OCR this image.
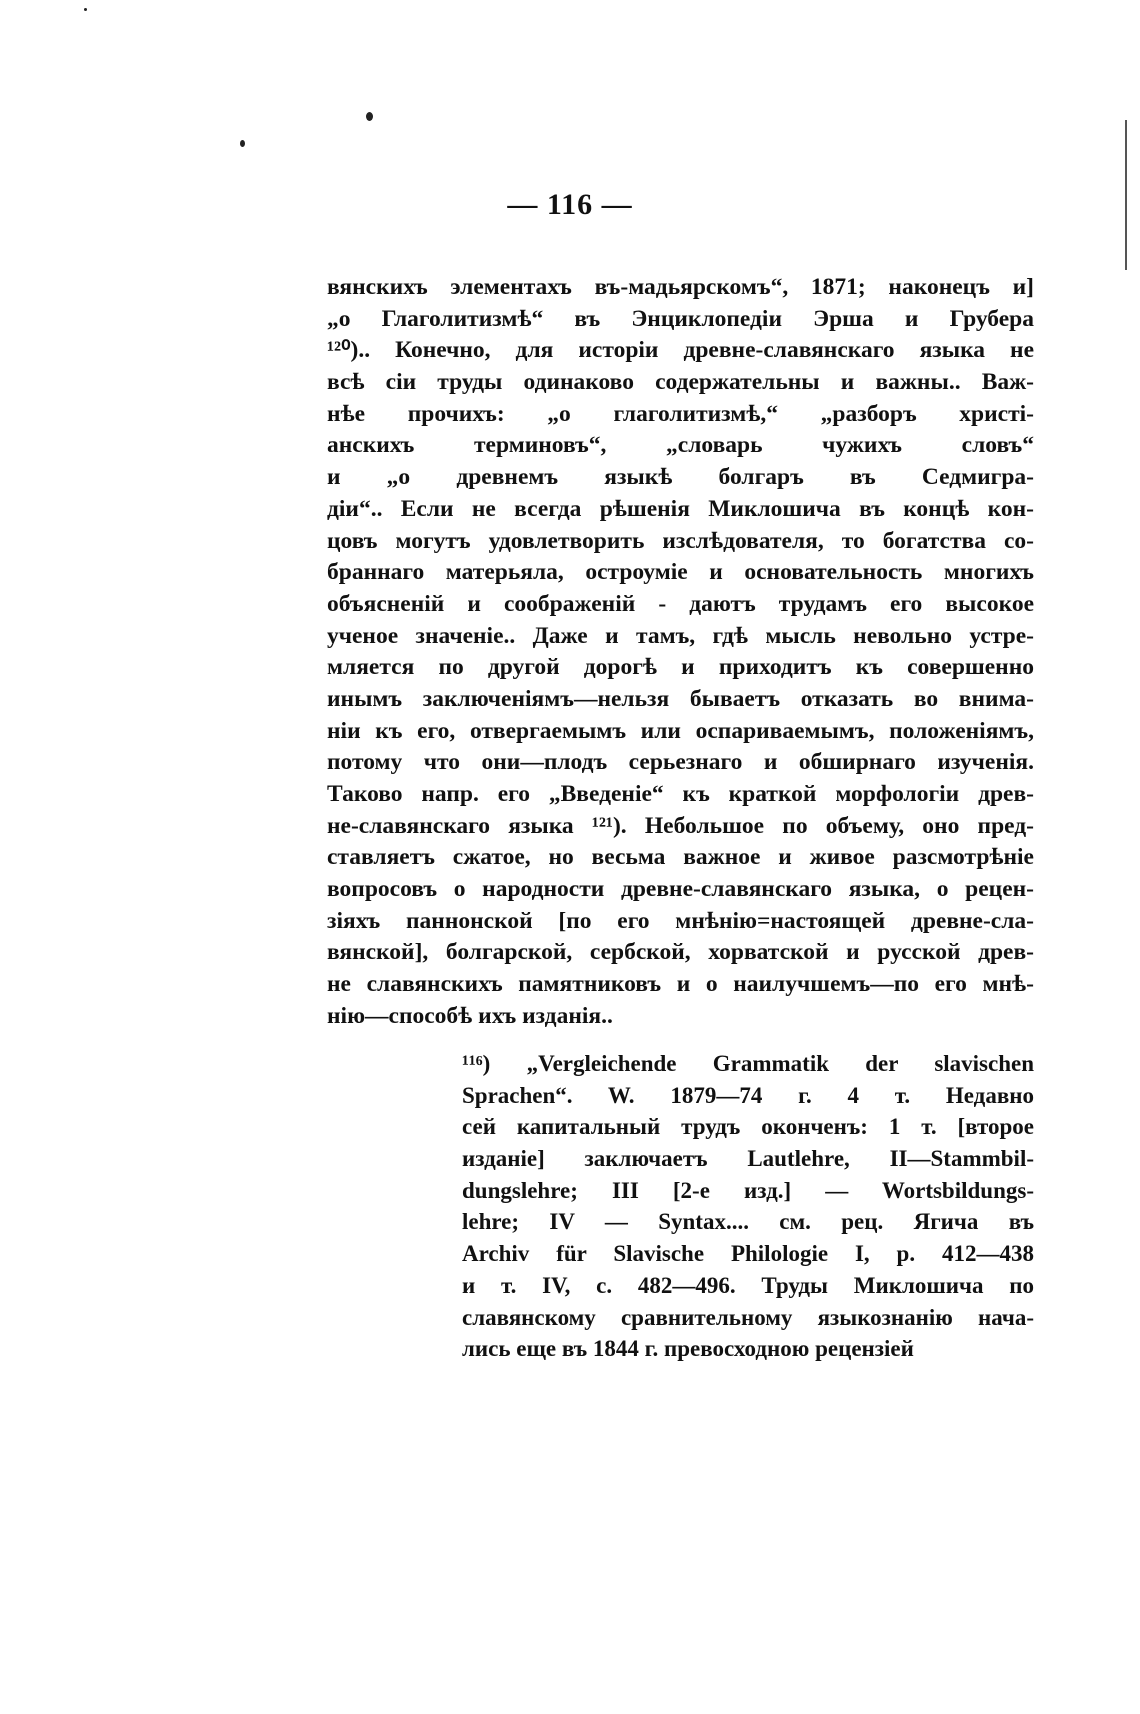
— 116 —
вянскихъ элементахъ въ-мадьярскомъ“, 1871; наконецъ и]
„о Глаголитизмѣ“ въ Энциклопедіи Эрша и Грубера
¹²⁰).. Конечно, для исторіи древне-славянскаго языка не
всѣ сіи труды одинаково содержательны и важны.. Важ-
нѣе прочихъ: „о глаголитизмѣ,“ „разборъ христі-
анскихъ терминовъ“, „словарь чужихъ словъ“
и „о древнемъ языкѣ болгаръ въ Седмигра-
діи“.. Если не всегда рѣшенія Миклошича въ концѣ кон-
цовъ могутъ удовлетворить изслѣдователя, то богатства со-
браннаго матерьяла, остроуміе и основательность многихъ
объясненій и соображеній - даютъ трудамъ его высокое
ученое значеніе.. Даже и тамъ, гдѣ мысль невольно устре-
мляется по другой дорогѣ и приходитъ къ совершенно
инымъ заключеніямъ—нельзя бываетъ отказать во внима-
ніи къ его, отвергаемымъ или оспариваемымъ, положеніямъ,
потому что они—плодъ серьезнаго и обширнаго изученія.
Таково напр. его „Введеніе“ къ краткой морфологіи древ-
не-славянскаго языка ¹²¹). Небольшое по объему, оно пред-
ставляетъ сжатое, но весьма важное и живое разсмотрѣніе
вопросовъ о народности древне-славянскаго языка, о рецен-
зіяхъ паннонской [по его мнѣнію=настоящей древне-сла-
вянской], болгарской, сербской, хорватской и русской древ-
не славянскихъ памятниковъ и о наилучшемъ—по его мнѣ-
нію—способѣ ихъ изданія..
¹¹⁶) „Vergleichende Grammatik der slavischen
Sprachen“. W. 1879—74 г. 4 т. Недавно
сей капитальный трудъ оконченъ: 1 т. [второе
изданіе] заключаетъ Lautlehre, II—Stammbil-
dungslehre; III [2-е изд.] — Wortsbildungs-
lehre; IV — Syntax.... см. рец. Ягича въ
Archiv für Slavische Philologie I, p. 412—438
и т. IV, с. 482—496. Труды Миклошича по
славянскому сравнительному языкознанію нача-
лись еще въ 1844 г. превосходною рецензіей
